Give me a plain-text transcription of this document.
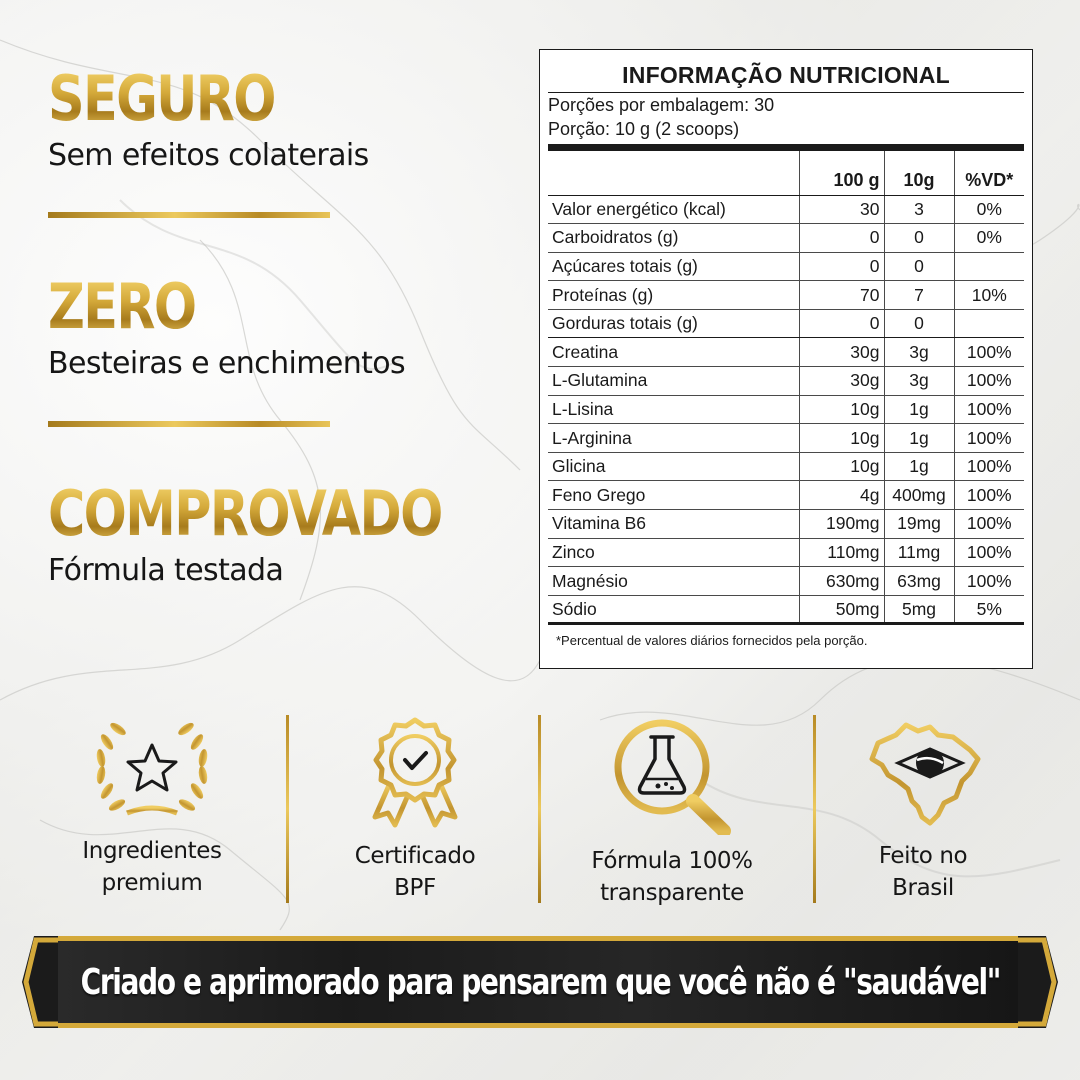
SEGURO
Sem efeitos colaterais
ZERO
Besteiras e enchimentos
COMPROVADO
Fórmula testada
INFORMAÇÃO NUTRICIONAL
Porções por embalagem: 30
Porção: 10 g (2 scoops)
	100 g	10g	%VD*
Valor energético (kcal)	30	3	0%
Carboidratos (g)	0	0	0%
Açúcares totais (g)	0	0	
Proteínas (g)	70	7	10%
Gorduras totais (g)	0	0	
Creatina	30g	3g	100%
L-Glutamina	30g	3g	100%
L-Lisina	10g	1g	100%
L-Arginina	10g	1g	100%
Glicina	10g	1g	100%
Feno Grego	4g	400mg	100%
Vitamina B6	190mg	19mg	100%
Zinco	110mg	11mg	100%
Magnésio	630mg	63mg	100%
Sódio	50mg	5mg	5%
*Percentual de valores diários fornecidos pela porção.
Ingredientes
premium
Certificado
BPF
Fórmula 100%
transparente
Feito no
Brasil
Criado e aprimorado para pensarem que você não é "saudável"
